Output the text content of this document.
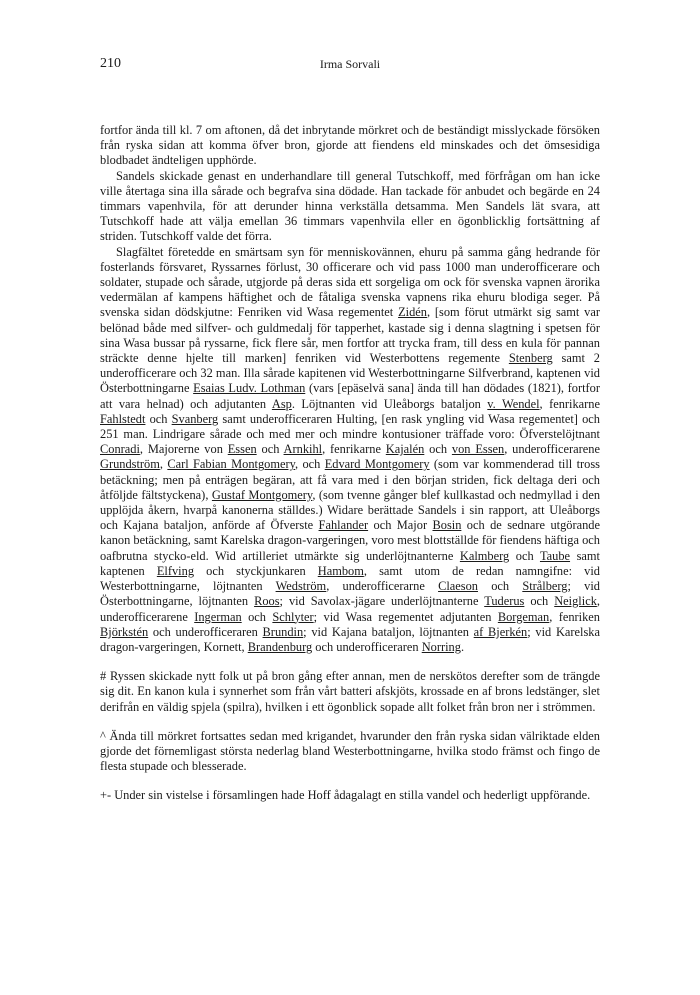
210	Irma Sorvali

fortfor ända till kl. 7 om aftonen, då det inbrytande mörkret och de beständigt misslyckade försöken från ryska sidan att komma öfver bron, gjorde att fiendens eld minskades och det ömsesidiga blodbadet ändteligen upphörde.

Sandels skickade genast en underhandlare till general Tutschkoff, med förfrågan om han icke ville återtaga sina illa sårade och begrafva sina dödade. Han tackade för anbudet och begärde en 24 timmars vapenhvila, för att derunder hinna verkställa detsamma. Men Sandels lät svara, att Tutschkoff hade att välja emellan 36 timmars vapenhvila eller en ögonblicklig fortsättning af striden. Tutschkoff valde det förra.

Slagfältet företedde en smärtsam syn för menniskovännen, ehuru på samma gång hedrande för fosterlands försvaret, Ryssarnes förlust, 30 officerare och vid pass 1000 man underofficerare och soldater, stupade och sårade, utgjorde på deras sida ett sorgeliga om ock för svenska vapnen ärorika vedermälan af kampens häftighet och de fåtaliga svenska vapnens rika ehuru blodiga seger. På svenska sidan dödskjutne: Fenriken vid Wasa regementet Zidén, [som förut utmärkt sig samt var belönad både med silfver- och guldmedalj för tapperhet, kastade sig i denna slagtning i spetsen för sina Wasa bussar på ryssarne, fick flere sår, men fortfor att trycka fram, till dess en kula för pannan sträckte denne hjelte till marken] fenriken vid Westerbottens regemente Stenberg samt 2 underofficerare och 32 man. Illa sårade kapitenen vid Westerbottningarne Silfverbrand, kaptenen vid Österbottningarne Esaias Ludv. Lothman (vars [epäselvä sana] ända till han dödades (1821), fortfor att vara helnad) och adjutanten Asp. Löjtnanten vid Uleåborgs bataljon v. Wendel, fenrikarne Fahlstedt och Svanberg samt underofficeraren Hulting, [en rask yngling vid Wasa regementet] och 251 man. Lindrigare sårade och med mer och mindre kontusioner träffade voro: Öfverstelöjtnant Conradi, Majorerne von Essen och Arnkihl, fenrikarne Kajalén och von Essen, underofficerarene Grundström, Carl Fabian Montgomery, och Edvard Montgomery (som var kommenderad till tross betäckning; men på enträgen begäran, att få vara med i den början striden, fick deltaga deri och åtföljde fältstyckena), Gustaf Montgomery, (som tvenne gånger blef kullkastad och nedmyllad i den upplöjda åkern, hvarpå kanonerna ställdes.) Widare berättade Sandels i sin rapport, att Uleåborgs och Kajana bataljon, anförde af Öfverste Fahlander och Major Bosin och de sednare utgörande kanon betäckning, samt Karelska dragon-vargeringen, voro mest blottställde för fiendens häftiga och oafbrutna stycko-eld. Wid artilleriet utmärkte sig underlöjtnanterne Kalmberg och Taube samt kaptenen Elfving och styckjunkaren Hambom, samt utom de redan namngifne: vid Westerbottningarne, löjtnanten Wedström, underofficerarne Claeson och Strålberg; vid Österbottningarne, löjtnanten Roos; vid Savolax-jägare underlöjtnanterne Tuderus och Neiglick, underofficerarene Ingerman och Schlyter; vid Wasa regementet adjutanten Borgeman, fenriken Björkstén och underofficeraren Brundin; vid Kajana bataljon, löjtnanten af Bjerkén; vid Karelska dragon-vargeringen, Kornett, Brandenburg och underofficeraren Norring.

# Ryssen skickade nytt folk ut på bron gång efter annan, men de nerskötos derefter som de trängde sig dit. En kanon kula i synnerhet som från vårt batteri afskjöts, krossade en af brons ledstänger, slet derifrån en väldig spjela (spilra), hvilken i ett ögonblick sopade allt folket från bron ner i strömmen.

^ Ända till mörkret fortsattes sedan med krigandet, hvarunder den från ryska sidan välriktade elden gjorde det förnemligast största nederlag bland Westerbottningarne, hvilka stodo främst och fingo de flesta stupade och blesserade.

+- Under sin vistelse i församlingen hade Hoff ådagalagt en stilla vandel och hederligt uppförande.
